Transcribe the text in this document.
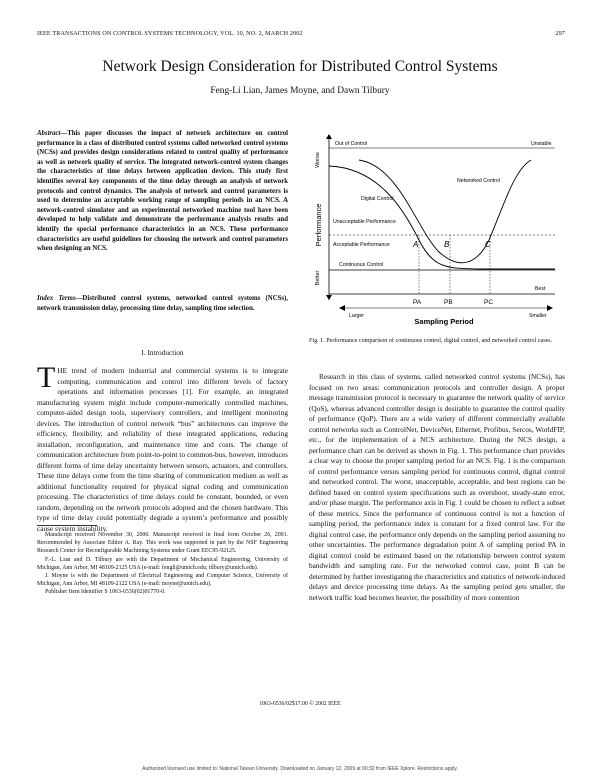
IEEE TRANSACTIONS ON CONTROL SYSTEMS TECHNOLOGY, VOL. 10, NO. 2, MARCH 2002	297
Network Design Consideration for Distributed Control Systems
Feng-Li Lian, James Moyne, and Dawn Tilbury
Abstract—This paper discusses the impact of network architecture on control performance in a class of distributed control systems called networked control systems (NCSs) and provides design considerations related to control quality of performance as well as network quality of service. The integrated network-control system changes the characteristics of time delays between application devices. This study first identifies several key components of the time delay through an analysis of network protocols and control dynamics. The analysis of network and control parameters is used to determine an acceptable working range of sampling periods in an NCS. A network-control simulator and an experimental networked machine tool have been developed to help validate and demonstrate the performance analysis results and identify the special performance characteristics in an NCS. These performance characteristics are useful guidelines for choosing the network and control parameters when designing an NCS.
Index Terms—Distributed control systems, networked control systems (NCSs), network transmission delay, processing time delay, sampling time selection.
I. Introduction
THE trend of modern industrial and commercial systems is to integrate computing, communication and control into different levels of factory operations and information processes [1]. For example, an integrated manufacturing system might include computer-numerically controlled machines, computer-aided design tools, supervisory controllers, and intelligent monitoring devices. The introduction of control network “bus” architectures can improve the efficiency, flexibility, and reliability of these integrated applications, reducing installation, reconfiguration, and maintenance time and costs. The change of communication architecture from point-to-point to common-bus, however, introduces different forms of time delay uncertainty between sensors, actuators, and controllers. These time delays come from the time sharing of communication medium as well as additional functionality required for physical signal coding and communication processing. The characteristics of time delays could be constant, bounded, or even random, depending on the network protocols adopted and the chosen hardware. This type of time delay could potentially degrade a system’s performance and possibly cause system instability.

Manuscript received November 30, 2000. Manuscript received in final form October 26, 2001. Recommended by Associate Editor A. Ray. This work was supported in part by the NSF Engineering Research Center for Reconfigurable Machining Systems under Grant EEC95-92125.

F.-L. Lian and D. Tilbury are with the Department of Mechanical Engineering, University of Michigan, Ann Arbor, MI 48109-2125 USA (e-mail: fengli@umich.edu; tilbury@umich.edu).

J. Moyne is with the Department of Electrical Engineering and Computer Science, University of Michigan, Ann Arbor, MI 48109-2122 USA (e-mail: moyne@umich.edu).

Publisher Item Identifier S 1063-6536(02)01770-0.

Worse
Better
Performance
Out of Control	Unstable
Networked Control
Digital Control
Unacceptable Performance
Acceptable Performance
Continuous Control
Best
A	B	C
PA	PB	PC
Larger	Smaller
Sampling Period
Fig. 1. Performance comparison of continuous control, digital control, and networked control cases.

Research in this class of systems, called networked control systems (NCSs), has focused on two areas: communication protocols and controller design. A proper message transmission protocol is necessary to guarantee the network quality of service (QoS), whereas advanced controller design is desirable to guarantee the control quality of performance (QoP). There are a wide variety of different commercially available control networks such as ControlNet, DeviceNet, Ethernet, Profibus, Sercos, WorldFIP, etc., for the implementation of a NCS architecture. During the NCS design, a performance chart can be derived as shown in Fig. 1. This performance chart provides a clear way to choose the proper sampling period for an NCS. Fig. 1 is the comparison of control performance versus sampling period for continuous control, digital control and networked control. The worst, unacceptable, acceptable, and best regions can be defined based on control system specifications such as overshoot, steady-state error, and/or phase margin. The performance axis in Fig. 1 could be chosen to reflect a subset of these metrics. Since the performance of continuous control is not a function of sampling period, the performance index is constant for a fixed control law. For the digital control case, the performance only depends on the sampling period assuming no other uncertainties. The performance degradation point A of sampling period PA in digital control could be estimated based on the relationship between control system bandwidth and sampling rate. For the networked control case, point B can be determined by further investigating the characteristics and statistics of network-induced delays and device processing time delays. As the sampling period gets smaller, the network traffic load becomes heavier, the possibility of more contention

1063-6536/02$17.00 © 2002 IEEE
Authorized licensed use limited to: National Taiwan University. Downloaded on January 12, 2009 at 00:32 from IEEE Xplore. Restrictions apply.
